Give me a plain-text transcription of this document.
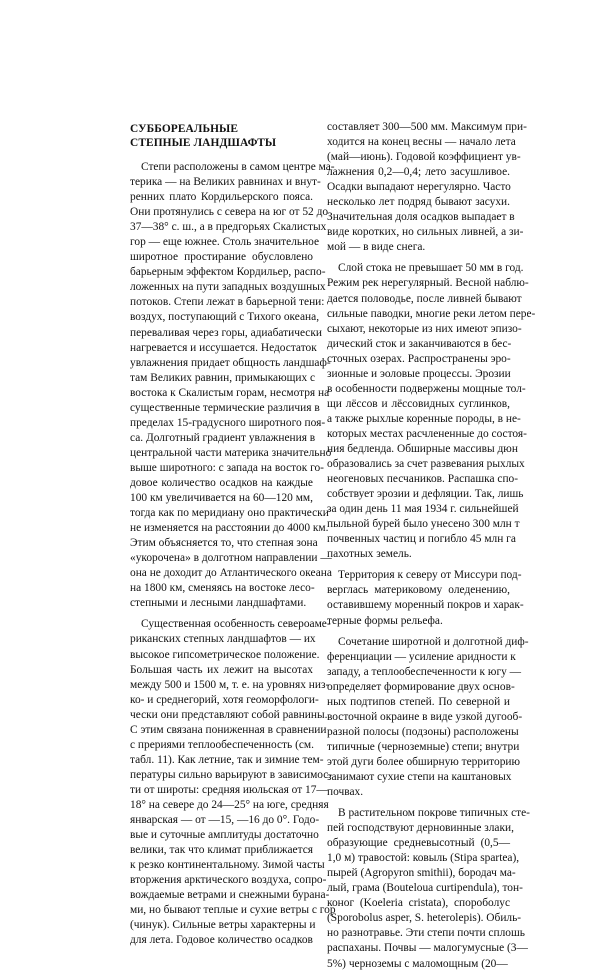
СУББОРЕАЛЬНЫЕ
СТЕПНЫЕ ЛАНДШАФТЫ
Степи расположены в самом центре ма-
терика — на Великих равнинах и внут-
ренних плато Кордильерского пояса.
Они протянулись с севера на юг от 52 до
37—38° с. ш., а в предгорьях Скалистых
гор — еще южнее. Столь значительное
широтное простирание обусловлено
барьерным эффектом Кордильер, распо-
ложенных на пути западных воздушных
потоков. Степи лежат в барьерной тени:
воздух, поступающий с Тихого океана,
переваливая через горы, адиабатически
нагревается и иссушается. Недостаток
увлажнения придает общность ландшаф-
там Великих равнин, примыкающих с
востока к Скалистым горам, несмотря на
существенные термические различия в
пределах 15-градусного широтного поя-
са. Долготный градиент увлажнения в
центральной части материка значительно
выше широтного: с запада на восток го-
довое количество осадков на каждые
100 км увеличивается на 60—120 мм,
тогда как по меридиану оно практически
не изменяется на расстоянии до 4000 км.
Этим объясняется то, что степная зона
«укорочена» в долготном направлении —
она не доходит до Атлантического океана
на 1800 км, сменяясь на востоке лесо-
степными и лесными ландшафтами.
Существенная особенность североаме-
риканских степных ландшафтов — их
высокое гипсометрическое положение.
Большая часть их лежит на высотах
между 500 и 1500 м, т. е. на уровнях низ-
ко- и среднегорий, хотя геоморфологи-
чески они представляют собой равнины.
С этим связана пониженная в сравнении
с прериями теплообеспеченность (см.
табл. 11). Как летние, так и зимние тем-
пературы сильно варьируют в зависимос-
ти от широты: средняя июльская от 17—
18° на севере до 24—25° на юге, средняя
январская — от —15, —16 до 0°. Годо-
вые и суточные амплитуды достаточно
велики, так что климат приближается
к резко континентальному. Зимой часты
вторжения арктического воздуха, сопро-
вождаемые ветрами и снежными бурана-
ми, но бывают теплые и сухие ветры с гор
(чинук). Сильные ветры характерны и
для лета. Годовое количество осадков
составляет 300—500 мм. Максимум при-
ходится на конец весны — начало лета
(май—июнь). Годовой коэффициент ув-
лажнения 0,2—0,4; лето засушливое.
Осадки выпадают нерегулярно. Часто
несколько лет подряд бывают засухи.
Значительная доля осадков выпадает в
виде коротких, но сильных ливней, а зи-
мой — в виде снега.
Слой стока не превышает 50 мм в год.
Режим рек нерегулярный. Весной наблю-
дается половодье, после ливней бывают
сильные паводки, многие реки летом пере-
сыхают, некоторые из них имеют эпизо-
дический сток и заканчиваются в бес-
сточных озерах. Распространены эро-
зионные и эоловые процессы. Эрозии
в особенности подвержены мощные тол-
щи лёссов и лёссовидных суглинков,
а также рыхлые коренные породы, в не-
которых местах расчлененные до состоя-
ния бедленда. Обширные массивы дюн
образовались за счет развевания рыхлых
неогеновых песчаников. Распашка спо-
собствует эрозии и дефляции. Так, лишь
за один день 11 мая 1934 г. сильнейшей
пыльной бурей было унесено 300 млн т
почвенных частиц и погибло 45 млн га
пахотных земель.
Территория к северу от Миссури под-
верглась материковому оледенению,
оставившему моренный покров и харак-
терные формы рельефа.
Сочетание широтной и долготной диф-
ференциации — усиление аридности к
западу, а теплообеспеченности к югу —
определяет формирование двух основ-
ных подтипов степей. По северной и
восточной окраине в виде узкой дугооб-
разной полосы (подзоны) расположены
типичные (черноземные) степи; внутри
этой дуги более обширную территорию
занимают сухие степи на каштановых
почвах.
В растительном покрове типичных сте-
пей господствуют дерновинные злаки,
образующие средневысотный (0,5—
1,0 м) травостой: ковыль (Stipa spartea),
пырей (Agropyron smithii), бородач ма-
лый, грама (Bouteloua curtipendula), тон-
коног (Koeleria cristata), спороболус
(Sporobolus asper, S. heterolepis). Обиль-
но разнотравье. Эти степи почти сплошь
распаханы. Почвы — малогумусные (3—
5%) черноземы с маломощным (20—
